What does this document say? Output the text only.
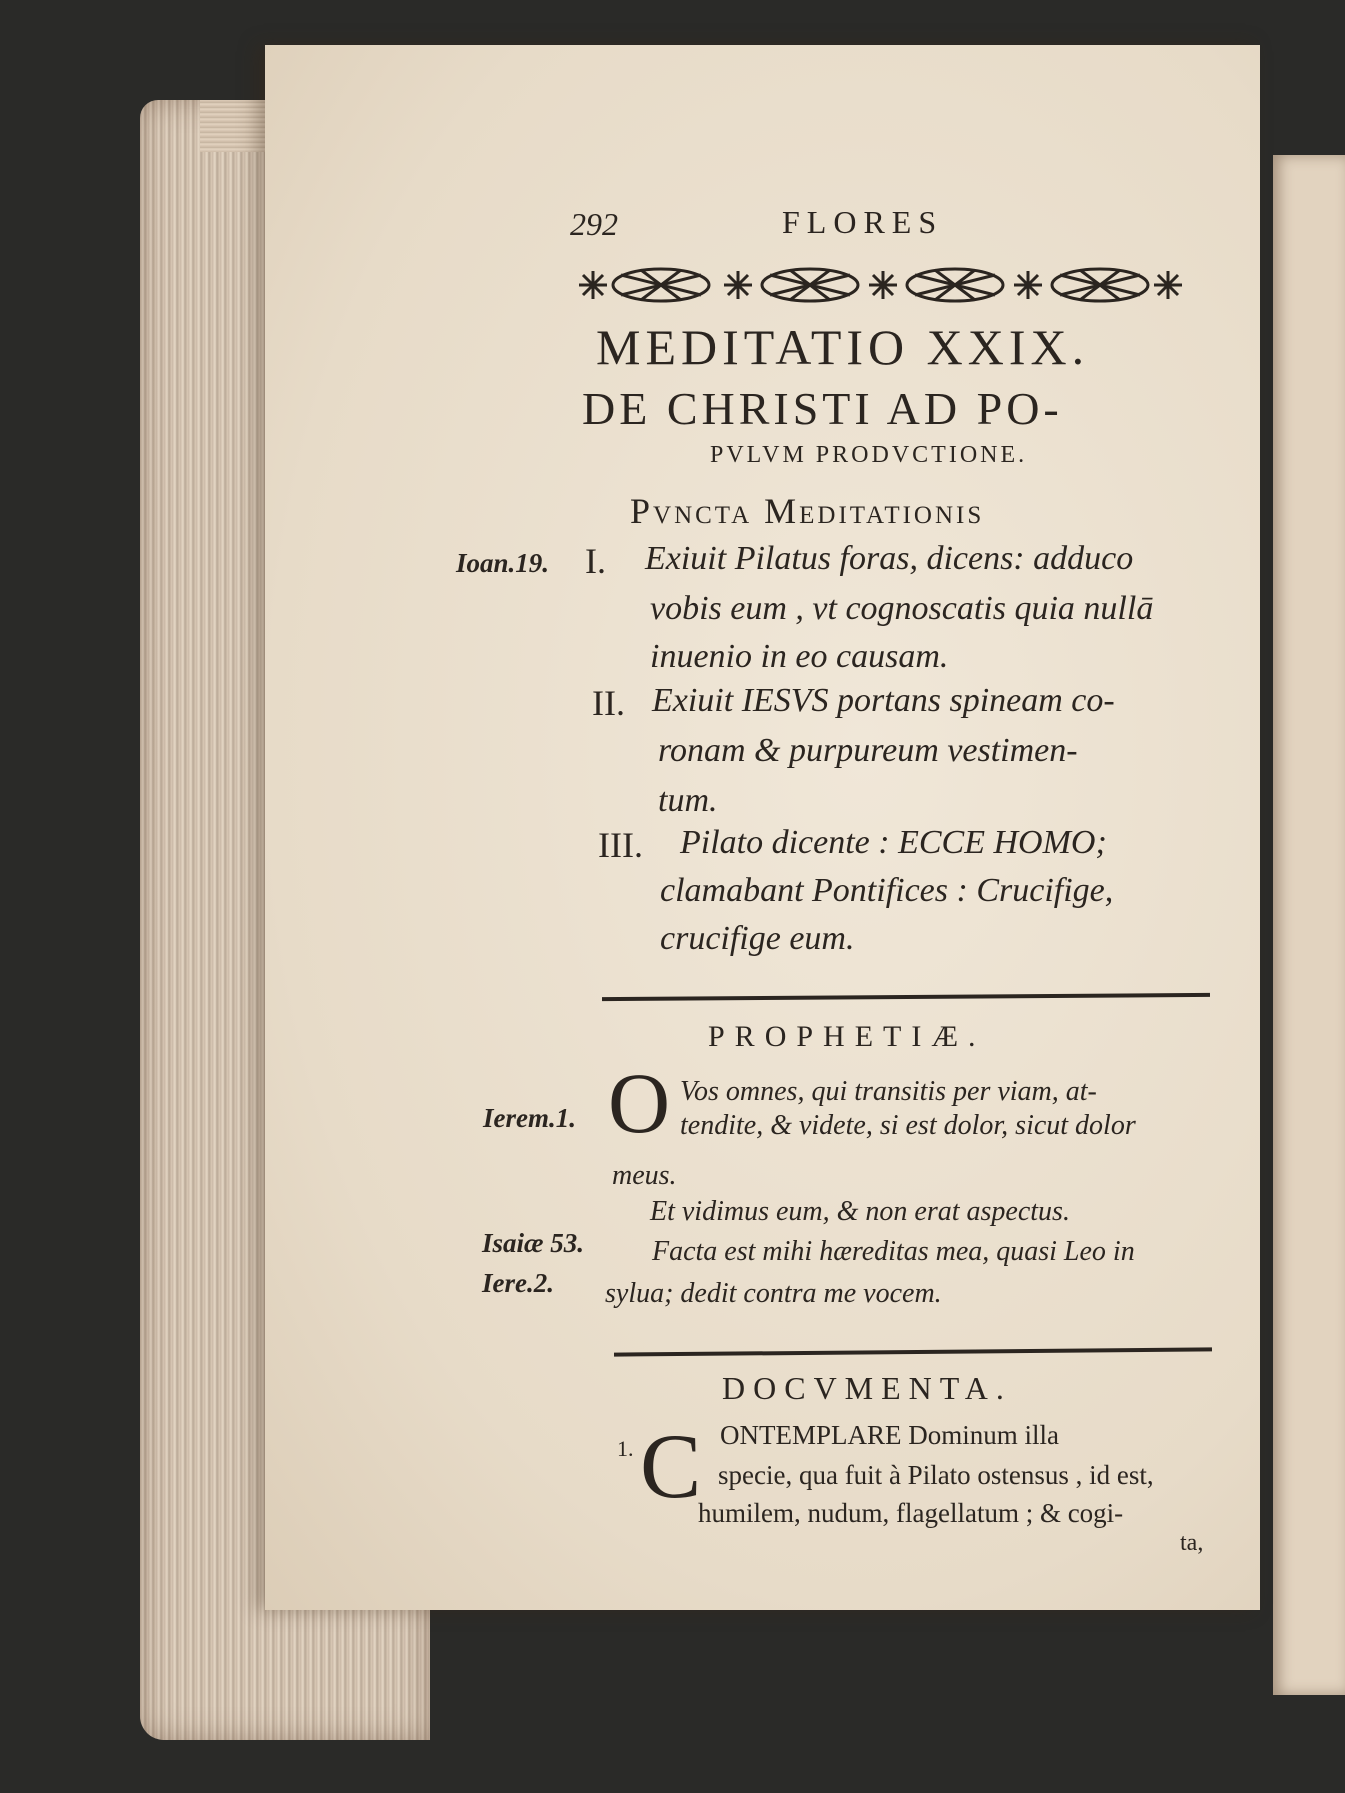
292	FLORES

MEDITATIO XXIX.
DE CHRISTI AD PO-
PVLVM PRODVCTIONE.

Pvncta Meditationis

Ioan.19. I. Exiuit Pilatus foras, dicens: adduco

vobis eum , vt cognoscatis quia nullā

inuenio in eo causam.

II. Exiuit IESVS portans spineam co-

ronam & purpureum vestimen-

tum.

III. Pilato dicente : ECCE HOMO;

clamabant Pontifices : Crucifige,

crucifige eum.

PROPHETIÆ.

Ierem.1.

Isaiæ 53.

Iere.2.

O Vos omnes, qui transitis per viam, at-

tendite, & videte, si est dolor, sicut dolor

meus.

Et vidimus eum, & non erat aspectus.

Facta est mihi hæreditas mea, quasi Leo in

sylua; dedit contra me vocem.

DOCVMENTA.

1. C ONTEMPLARE Dominum illa

specie, qua fuit à Pilato ostensus , id est,

humilem, nudum, flagellatum ; & cogi-

ta,
